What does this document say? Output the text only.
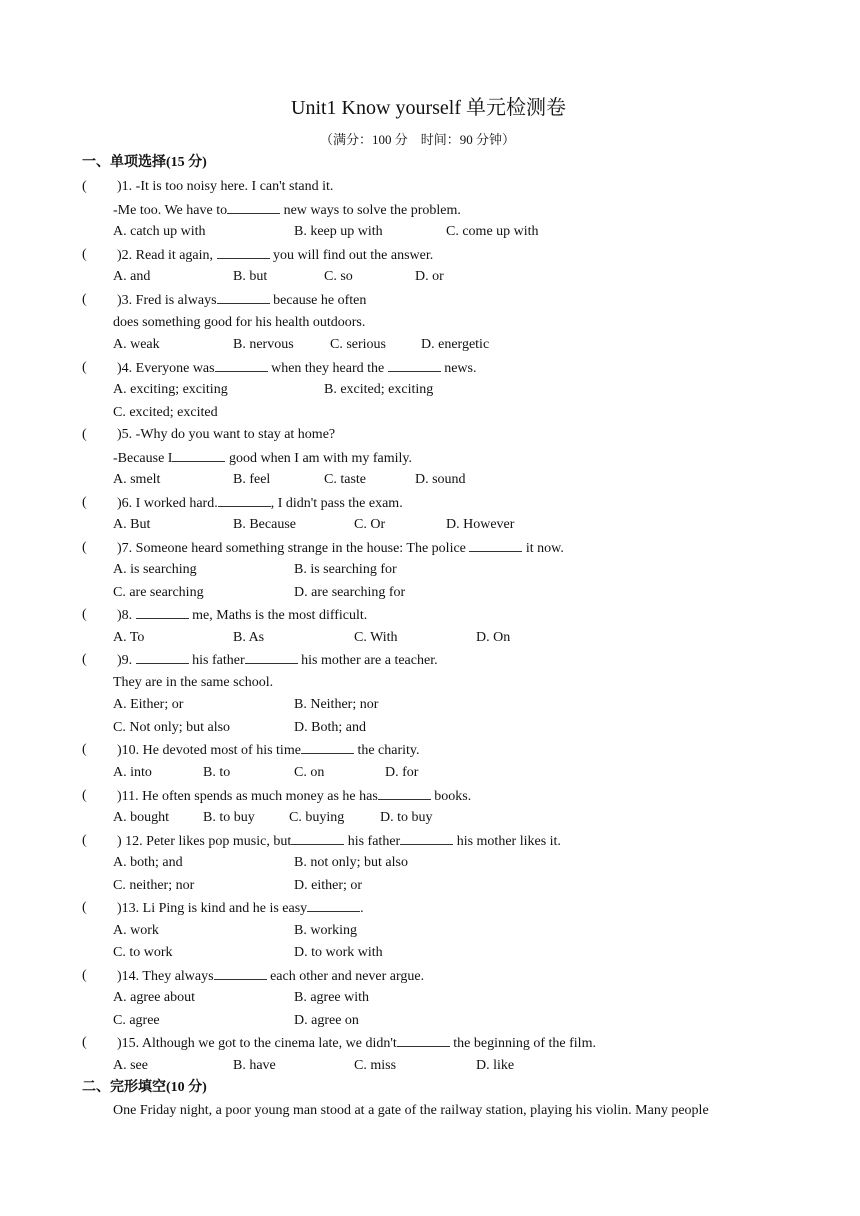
Unit1 Know yourself 单元检测卷
（满分：100 分　时间：90 分钟）
一、单项选择(15 分)
( )1. -It is too noisy here. I can't stand it.
-Me too. We have to	new ways to solve the problem.
A. catch up with	B. keep up with	C. come up with
( )2. Read it again,	you will find out the answer.
A. and	B. but	C. so	D. or
( )3. Fred is always	because he often
does something good for his health outdoors.
A. weak	B. nervous	C. serious	D. energetic
( )4. Everyone was	when they heard the	news.
A. exciting; exciting	B. excited; exciting
C. excited; excited
( )5. -Why do you want to stay at home?
-Because I	good when I am with my family.
A. smelt	B. feel	C. taste	D. sound
( )6. I worked hard.	, I didn't pass the exam.
A. But	B. Because	C. Or	D. However
( )7. Someone heard something strange in the house: The police	it now.
A. is searching	B. is searching for
C. are searching	D. are searching for
( )8.	me, Maths is the most difficult.
A. To	B. As	C. With	D. On
( )9.	his father	his mother are a teacher.
They are in the same school.
A. Either; or	B. Neither; nor
C. Not only; but also	D. Both; and
( )10. He devoted most of his time	the charity.
A. into	B. to	C. on	D. for
( )11. He often spends as much money as he has	books.
A. bought B. to buy C. buying	D. to buy
( ) 12. Peter likes pop music, but	his father	his mother likes it.
A. both; and	B. not only; but also
C. neither; nor	D. either; or
( )13. Li Ping is kind and he is easy	.
A. work	B. working
C. to work	D. to work with
( )14. They always	each other and never argue.
A. agree about	B. agree with
C. agree	D. agree on
( )15. Although we got to the cinema late, we didn't	the beginning of the film.
A. see	B. have	C. miss	D. like
二、完形填空(10 分)
One Friday night, a poor young man stood at a gate of the railway station, playing his violin. Many people
